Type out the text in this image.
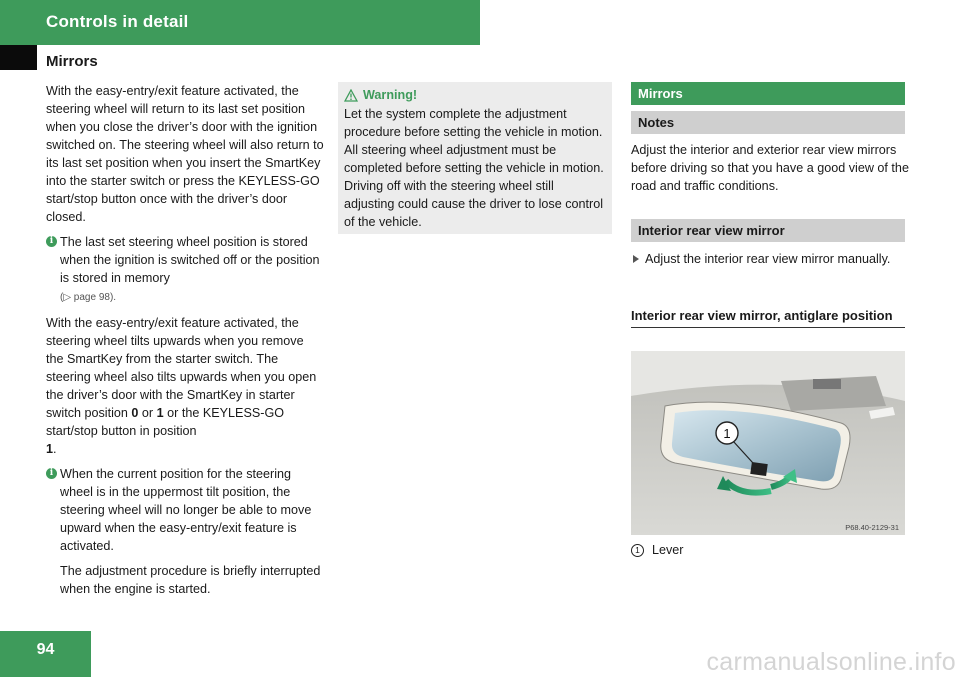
Controls in detail
Mirrors

With the easy-entry/exit feature activated, the steering wheel will return to its last set position when you close the driver’s door with the ignition switched on. The steering wheel will also return to its last set position when you insert the SmartKey into the starter switch or press the KEYLESS-GO start/stop button once with the driver’s door closed.

i The last set steering wheel position is stored when the ignition is switched off or the position is stored in memory
(▷ page 98).

With the easy-entry/exit feature activated, the steering wheel tilts upwards when you remove the SmartKey from the starter switch. The steering wheel also tilts upwards when you open the driver’s door with the SmartKey in starter switch position 0 or 1 or the KEYLESS-GO start/stop button in position
1.

i When the current position for the steering wheel is in the uppermost tilt position, the steering wheel will no longer be able to move upward when the easy-entry/exit feature is activated.
The adjustment procedure is briefly interrupted when the engine is started.
Warning!
Let the system complete the adjustment procedure before setting the vehicle in motion. All steering wheel adjustment must be completed before setting the vehicle in motion. Driving off with the steering wheel still adjusting could cause the driver to lose control of the vehicle.
Mirrors
Notes
Adjust the interior and exterior rear view mirrors before driving so that you have a good view of the road and traffic conditions.
Interior rear view mirror
Adjust the interior rear view mirror manually.
Interior rear view mirror, antiglare position
1
P68.40-2129-31
1 Lever
94	carmanualsonline.info
